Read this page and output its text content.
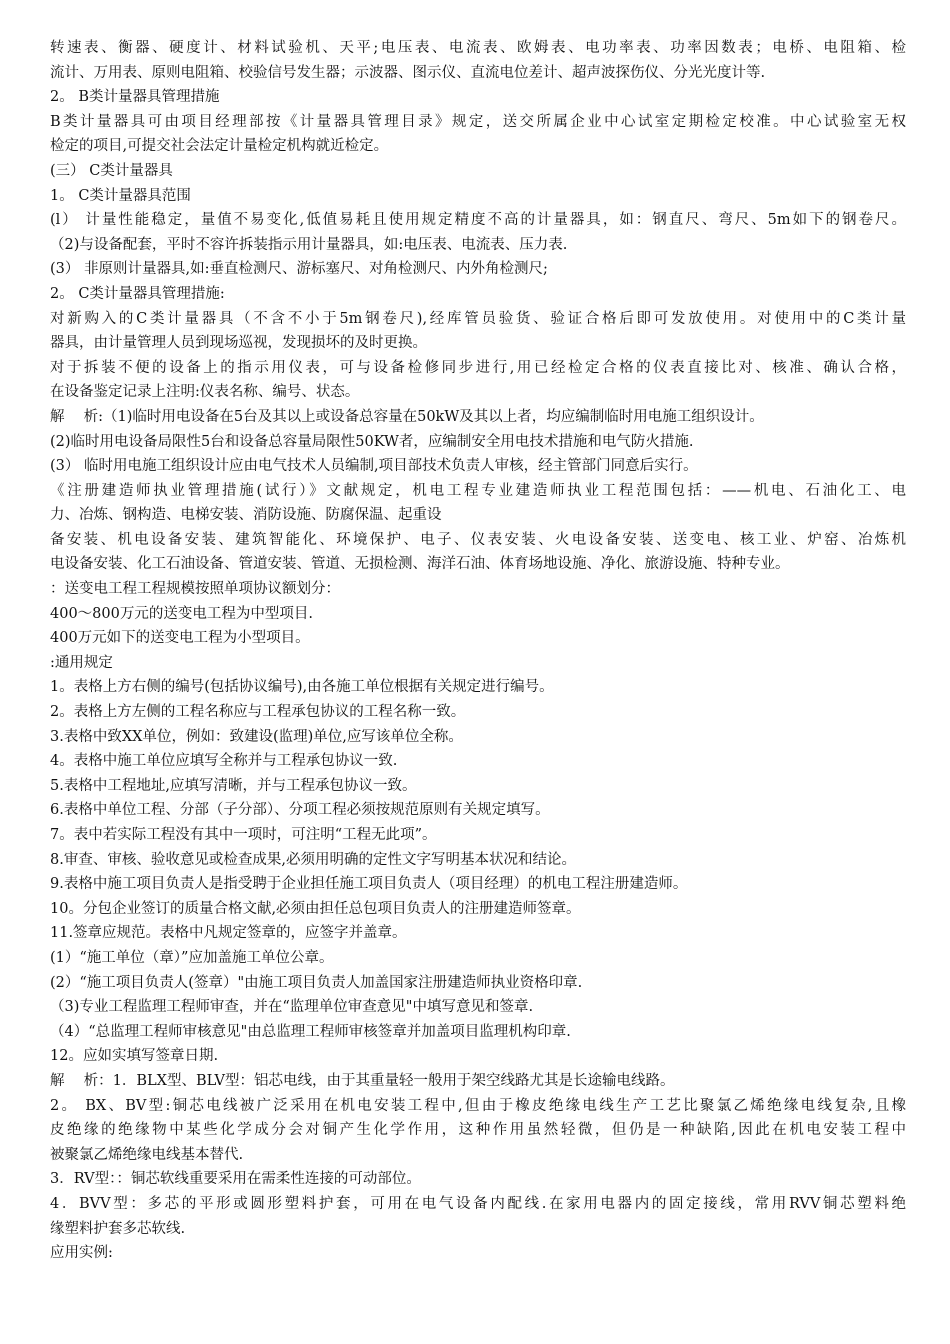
转速表、衡器、硬度计、材料试验机、天平;电压表、电流表、欧姆表、电功率表、功率因数表；电桥、电阻箱、检
流计、万用表、原则电阻箱、校验信号发生器；示波器、图示仪、直流电位差计、超声波探伤仪、分光光度计等.
2。 B类计量器具管理措施
B类计量器具可由项目经理部按《计量器具管理目录》规定，送交所属企业中心试室定期检定校准。中心试验室无权
检定的项目,可提交社会法定计量检定机构就近检定。
(三） C类计量器具
1。 C类计量器具范围
(l） 计量性能稳定，量值不易变化,低值易耗且使用规定精度不高的计量器具，如：钢直尺、弯尺、5m如下的钢卷尺。
（2)与设备配套，平时不容许拆装指示用计量器具，如:电压表、电流表、压力表.
(3） 非原则计量器具,如:垂直检测尺、游标塞尺、对角检测尺、内外角检测尺;
2。 C类计量器具管理措施:
对新购入的C类计量器具（不含不小于5m钢卷尺),经库管员验货、验证合格后即可发放使用。对使用中的C类计量
器具，由计量管理人员到现场巡视，发现损坏的及时更换。
对于拆装不便的设备上的指示用仪表，可与设备检修同步进行,用已经检定合格的仪表直接比对、核准、确认合格，
在设备鉴定记录上注明:仪表名称、编号、状态。
解　 析:（1)临时用电设备在5台及其以上或设备总容量在50kW及其以上者，均应编制临时用电施工组织设计。
(2)临时用电设备局限性5台和设备总容量局限性50KW者，应编制安全用电技术措施和电气防火措施.
(3） 临时用电施工组织设计应由电气技术人员编制,项目部技术负责人审核，经主管部门同意后实行。
《注册建造师执业管理措施(试行）》文献规定，机电工程专业建造师执业工程范围包括：——机电、石油化工、电
力、冶炼、钢构造、电梯安装、消防设施、防腐保温、起重设
备安装、机电设备安装、建筑智能化、环境保护、电子、仪表安装、火电设备安装、送变电、核工业、炉窑、冶炼机
电设备安装、化工石油设备、管道安装、管道、无损检测、海洋石油、体育场地设施、净化、旅游设施、特种专业。
：送变电工程工程规模按照单项协议额划分：
400～800万元的送变电工程为中型项目.
400万元如下的送变电工程为小型项目。
:通用规定
1。表格上方右侧的编号(包括协议编号),由各施工单位根据有关规定进行编号。
2。表格上方左侧的工程名称应与工程承包协议的工程名称一致。
3.表格中致XX单位，例如：致建设(监理)单位,应写该单位全称。
4。表格中施工单位应填写全称并与工程承包协议一致.
5.表格中工程地址,应填写清晰，并与工程承包协议一致。
6.表格中单位工程、分部（子分部）、分项工程必须按规范原则有关规定填写。
7。表中若实际工程没有其中一项时，可注明“工程无此项”。
8.审查、审核、验收意见或检查成果,必须用明确的定性文字写明基本状况和结论。
9.表格中施工项目负责人是指受聘于企业担任施工项目负责人（项目经理）的机电工程注册建造师。
10。分包企业签订的质量合格文献,必须由担任总包项目负责人的注册建造师签章。
11.签章应规范。表格中凡规定签章的，应签字并盖章。
(1）“施工单位（章）”应加盖施工单位公章。
(2）“施工项目负责人(签章）"由施工项目负责人加盖国家注册建造师执业资格印章.
（3)专业工程监理工程师审查，并在“监理单位审查意见"中填写意见和签章.
（4）“总监理工程师审核意见"由总监理工程师审核签章并加盖项目监理机构印章.
12。应如实填写签章日期.
解　 析：1．BLX型、BLV型：铝芯电线，由于其重量轻一般用于架空线路尤其是长途输电线路。
2。 BX、BV型:铜芯电线被广泛采用在机电安装工程中,但由于橡皮绝缘电线生产工艺比聚氯乙烯绝缘电线复杂,且橡
皮绝缘的绝缘物中某些化学成分会对铜产生化学作用，这种作用虽然轻微，但仍是一种缺陷,因此在机电安装工程中
被聚氯乙烯绝缘电线基本替代.
3．RV型：：铜芯软线重要采用在需柔性连接的可动部位。
4．BVV型：多芯的平形或圆形塑料护套，可用在电气设备内配线.在家用电器内的固定接线，常用RVV铜芯塑料绝
缘塑料护套多芯软线.
应用实例:
